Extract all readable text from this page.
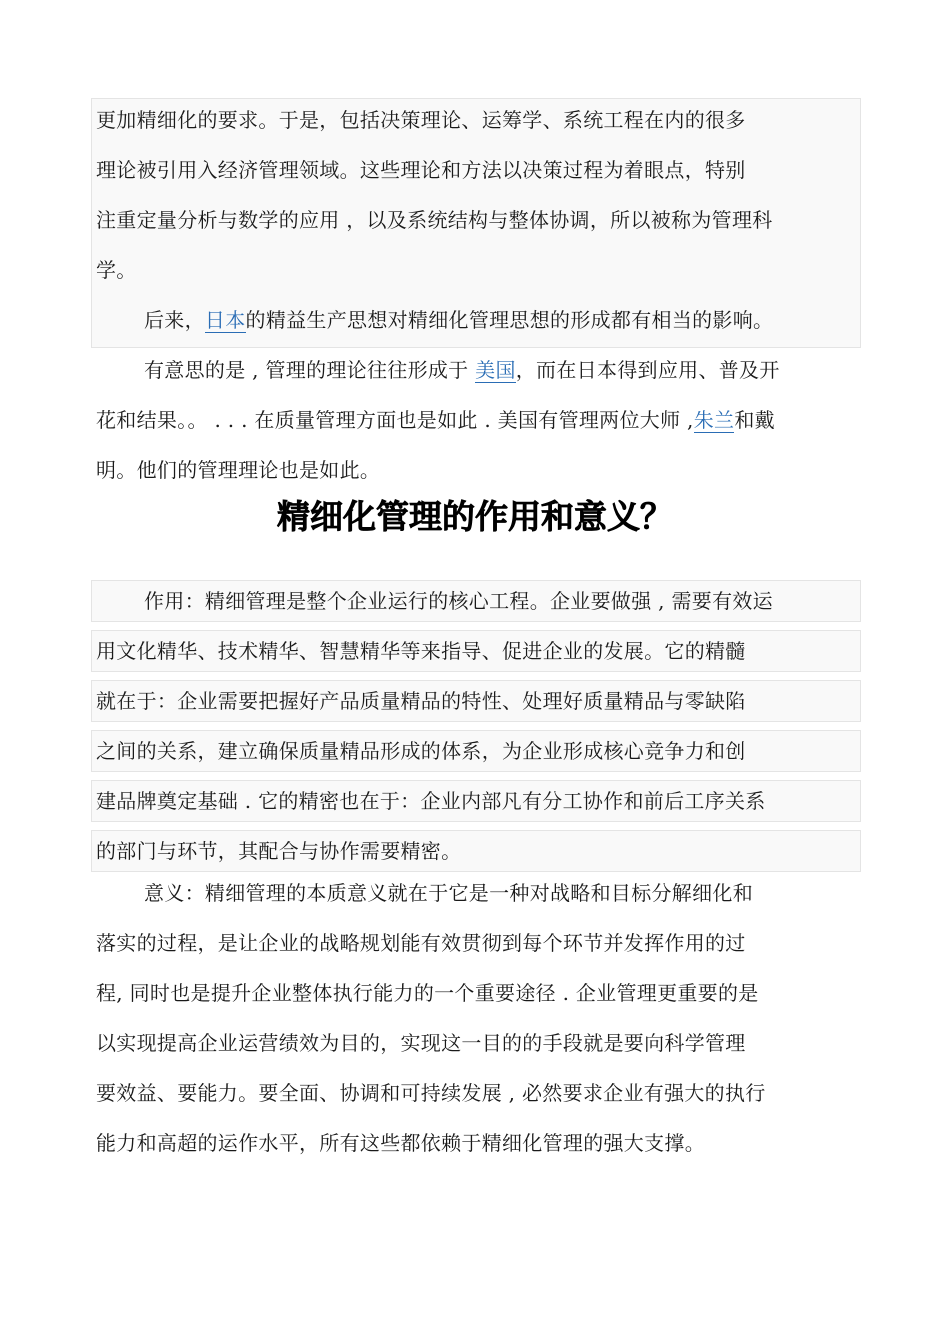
更加精细化的要求。于是，包括决策理论、运筹学、系统工程在内的很多
理论被引用入经济管理领域。这些理论和方法以决策过程为着眼点，特别
注重定量分析与数学的应用 ，以及系统结构与整体协调，所以被称为管理科
学。
后来，日本的精益生产思想对精细化管理思想的形成都有相当的影响。
有意思的是 , 管理的理论往往形成于 美国，而在日本得到应用、普及开
花和结果。。 . . . 在质量管理方面也是如此 . 美国有管理两位大师 ,朱兰和戴
明。他们的管理理论也是如此。
精细化管理的作用和意义？
作用：精细管理是整个企业运行的核心工程。企业要做强 , 需要有效运
用文化精华、技术精华、智慧精华等来指导、促进企业的发展。它的精髓
就在于：企业需要把握好产品质量精品的特性、处理好质量精品与零缺陷
之间的关系，建立确保质量精品形成的体系，为企业形成核心竞争力和创
建品牌奠定基础 . 它的精密也在于：企业内部凡有分工协作和前后工序关系
的部门与环节，其配合与协作需要精密。
意义：精细管理的本质意义就在于它是一种对战略和目标分解细化和
落实的过程，是让企业的战略规划能有效贯彻到每个环节并发挥作用的过
程, 同时也是提升企业整体执行能力的一个重要途径 . 企业管理更重要的是
以实现提高企业运营绩效为目的，实现这一目的的手段就是要向科学管理
要效益、要能力。要全面、协调和可持续发展 , 必然要求企业有强大的执行
能力和高超的运作水平，所有这些都依赖于精细化管理的强大支撑。
